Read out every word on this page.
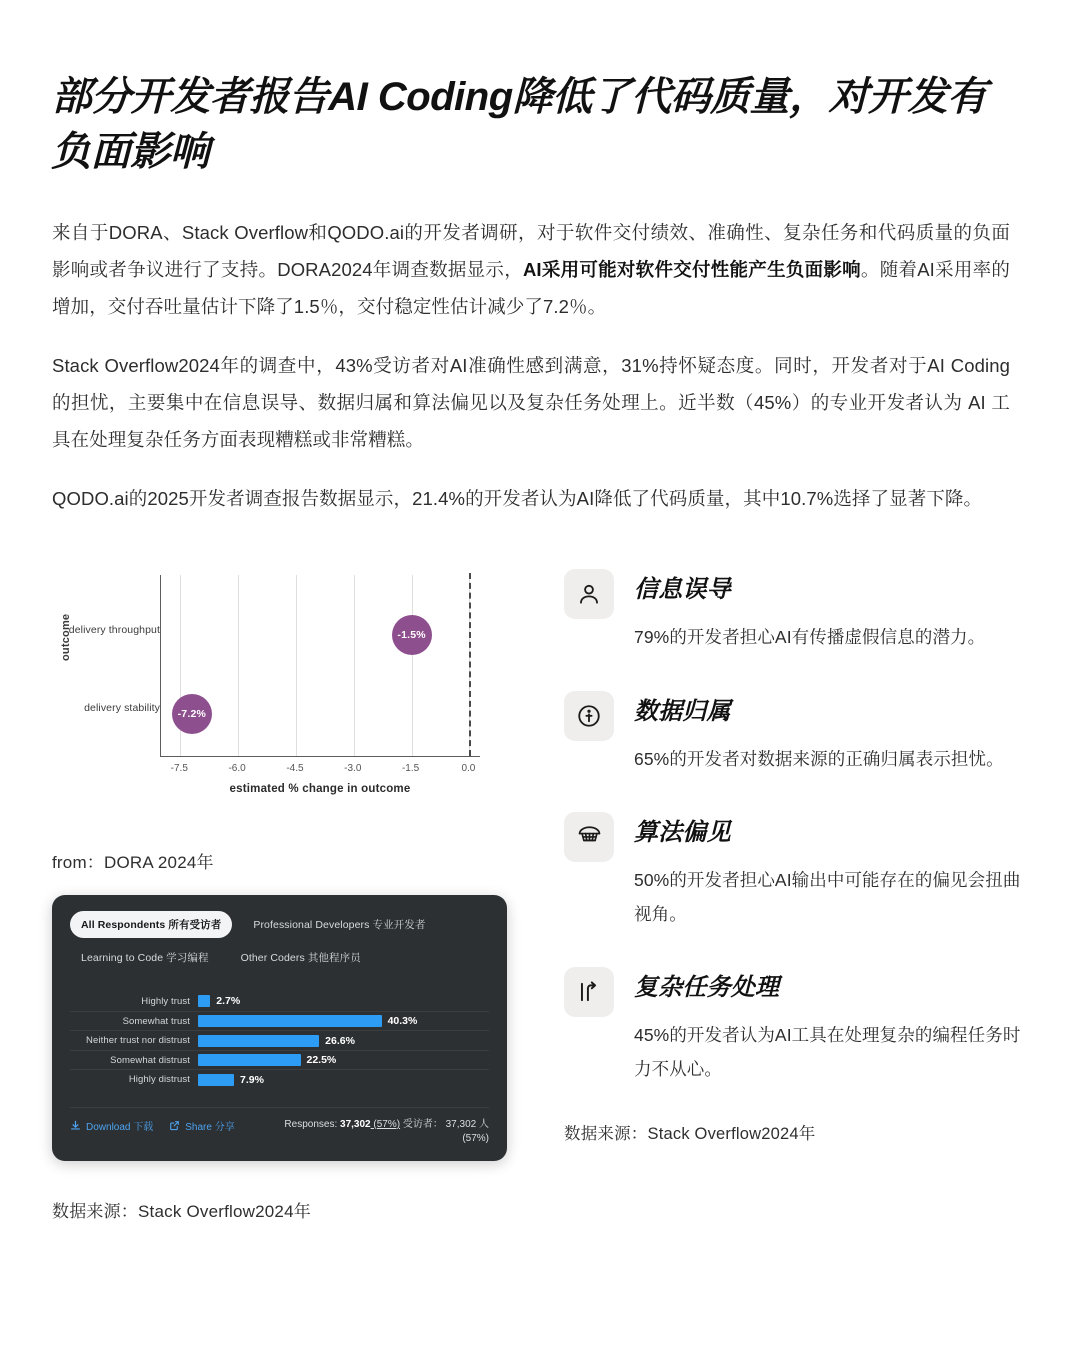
部分开发者报告AI Coding降低了代码质量，对开发有负面影响

来自于DORA、Stack Overflow和QODO.ai的开发者调研，对于软件交付绩效、准确性、复杂任务和代码质量的负面影响或者争议进行了支持。DORA2024年调查数据显示，AI采用可能对软件交付性能产生负面影响。随着AI采用率的增加，交付吞吐量估计下降了1.5％，交付稳定性估计减少了7.2％。

Stack Overflow2024年的调查中，43%受访者对AI准确性感到满意，31%持怀疑态度。同时，开发者对于AI Coding 的担忧，主要集中在信息误导、数据归属和算法偏见以及复杂任务处理上。近半数（45%）的专业开发者认为 AI 工具在处理复杂任务方面表现糟糕或非常糟糕。

QODO.ai的2025开发者调查报告数据显示，21.4%的开发者认为AI降低了代码质量，其中10.7%选择了显著下降。

outcome
delivery throughput
delivery stability
-1.5%
-7.2%
-7.5	-6.0	-4.5	-3.0	-1.5	0.0
estimated % change in outcome
from：DORA 2024年
All Respondents 所有受访者	Professional Developers 专业开发者
Learning to Code 学习编程	Other Coders 其他程序员
Highly trust	2.7%
Somewhat trust	40.3%
Neither trust nor distrust	26.6%
Somewhat distrust	22.5%
Highly distrust	7.9%
Download 下载	Share 分享	Responses: 37,302 (57%) 受访者： 37,302 人 (57%)
数据来源：Stack Overflow2024年
信息误导
79%的开发者担心AI有传播虚假信息的潜力。
数据归属
65%的开发者对数据来源的正确归属表示担忧。
算法偏见
50%的开发者担心AI输出中可能存在的偏见会扭曲视角。
复杂任务处理
45%的开发者认为AI工具在处理复杂的编程任务时力不从心。
数据来源：Stack Overflow2024年
